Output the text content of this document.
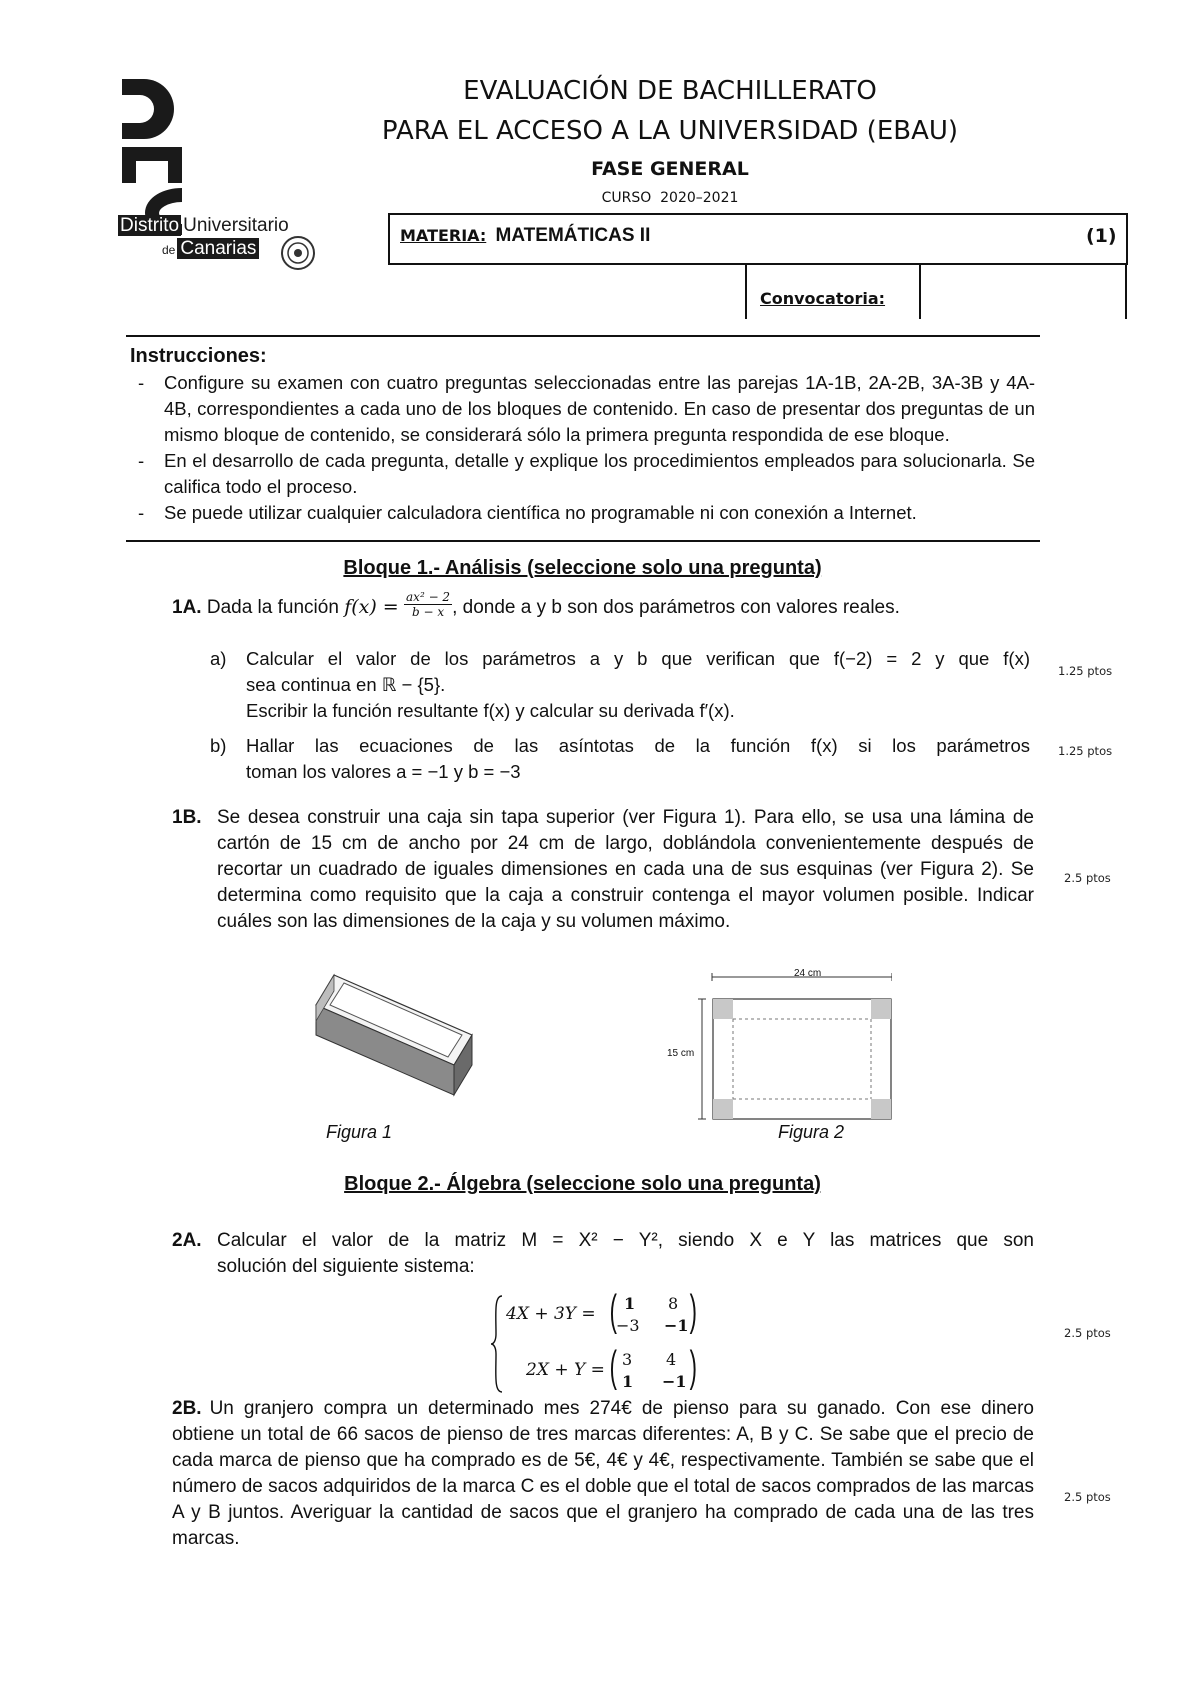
Distrito Universitario
de Canarias
EVALUACIÓN DE BACHILLERATO
PARA EL ACCESO A LA UNIVERSIDAD (EBAU)
FASE GENERAL
CURSO  2020–2021
MATERIA: MATEMÁTICAS II	(1)
Convocatoria:
Instrucciones:
- Configure su examen con cuatro preguntas seleccionadas entre las parejas 1A-1B, 2A-2B, 3A-3B y 4A-4B, correspondientes a cada uno de los bloques de contenido. En caso de presentar dos preguntas de un mismo bloque de contenido, se considerará sólo la primera pregunta respondida de ese bloque.
- En el desarrollo de cada pregunta, detalle y explique los procedimientos empleados para solucionarla. Se califica todo el proceso.
- Se puede utilizar cualquier calculadora científica no programable ni con conexión a Internet.
Bloque 1.- Análisis (seleccione solo una pregunta)
1A. Dada la función $f(x) = \frac{\text{ax² − 2}}{b - x}$ , donde a y b son dos parámetros con valores reales.
a) Calcular el valor de los parámetros a y b que verifican que f(−2) = 2 y que f(x)
sea continua en ℝ − {5}.
Escribir la función resultante f(x) y calcular su derivada f′(x).
1.25 ptos
b) Hallar las ecuaciones de las asíntotas de la función f(x) si los parámetros
toman los valores a = −1 y b = −3
1.25 ptos
1B. Se desea construir una caja sin tapa superior (ver Figura 1). Para ello, se usa una lámina de cartón de 15 cm de ancho por 24 cm de largo, doblándola convenientemente después de recortar un cuadrado de iguales dimensiones en cada una de sus esquinas (ver Figura 2). Se determina como requisito que la caja a construir contenga el mayor volumen posible. Indicar cuáles son las dimensiones de la caja y su volumen máximo.
2.5 ptos
Figura 1
24 cm
15 cm
Figura 2
Bloque 2.- Álgebra (seleccione solo una pregunta)
2A. Calcular el valor de la matriz M = X² − Y², siendo X e Y las matrices que son
solución del siguiente sistema:
4X + 3Y = ( 1 8
−3 −1 )
2X + Y = ( 3 4
1 −1 )
2.5 ptos
2B. Un granjero compra un determinado mes 274€ de pienso para su ganado. Con ese dinero obtiene un total de 66 sacos de pienso de tres marcas diferentes: A, B y C. Se sabe que el precio de cada marca de pienso que ha comprado es de 5€, 4€ y 4€, respectivamente. También se sabe que el número de sacos adquiridos de la marca C es el doble que el total de sacos comprados de las marcas A y B juntos. Averiguar la cantidad de sacos que el granjero ha comprado de cada una de las tres marcas.
2.5 ptos
